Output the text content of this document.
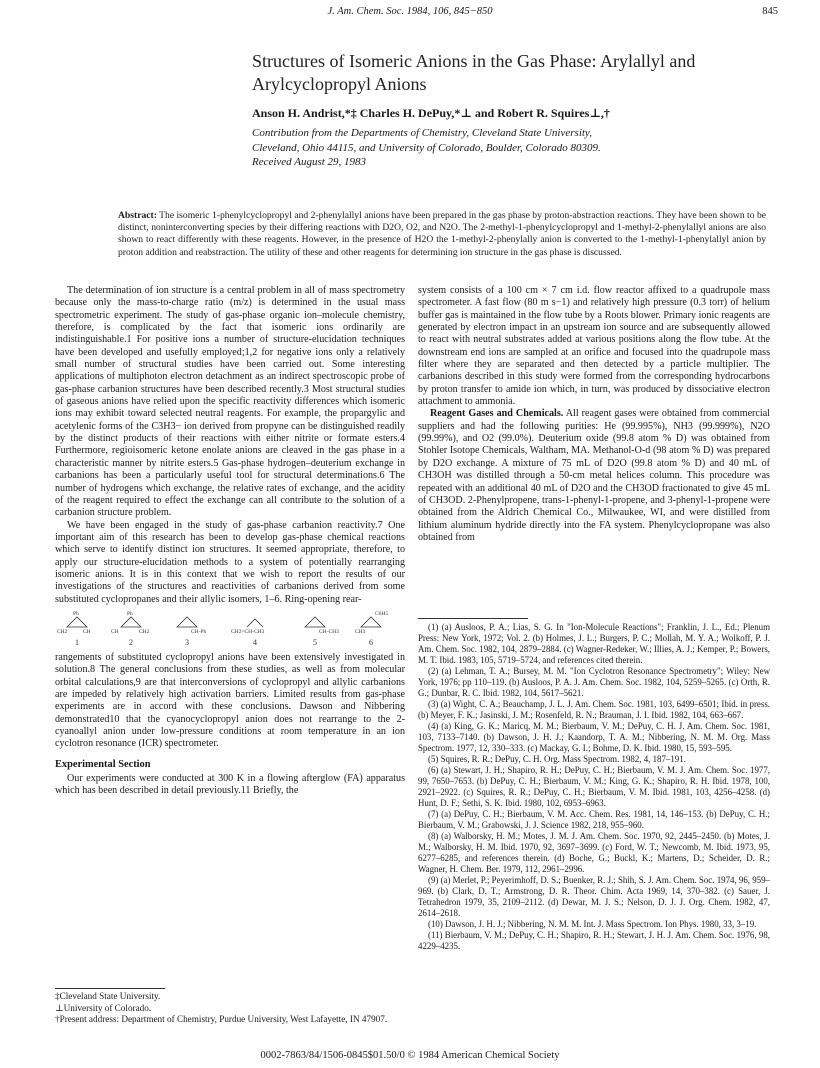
J. Am. Chem. Soc. 1984, 106, 845−850	845
Structures of Isomeric Anions in the Gas Phase: Arylallyl and Arylcyclopropyl Anions
Anson H. Andrist,*‡ Charles H. DePuy,*⊥ and Robert R. Squires⊥,†
Contribution from the Departments of Chemistry, Cleveland State University,
Cleveland, Ohio 44115, and University of Colorado, Boulder, Colorado 80309.
Received August 29, 1983
Abstract: The isomeric 1-phenylcyclopropyl and 2-phenylallyl anions have been prepared in the gas phase by proton-abstraction reactions. They have been shown to be distinct, noninterconverting species by their differing reactions with D2O, O2, and N2O. The 2-methyl-1-phenylcyclopropyl and 1-methyl-2-phenylallyl anions are also shown to react differently with these reagents. However, in the presence of H2O the 1-methyl-2-phenylally anion is converted to the 1-methyl-1-phenylallyl anion by proton addition and reabstraction. The utility of these and other reagents for determining ion structure in the gas phase is discussed.

The determination of ion structure is a central problem in all of mass spectrometry because only the mass-to-charge ratio (m/z) is determined in the usual mass spectrometric experiment. The study of gas-phase organic ion–molecule chemistry, therefore, is complicated by the fact that isomeric ions ordinarily are indistinguishable.1 For positive ions a number of structure-elucidation techniques have been developed and usefully employed;1,2 for negative ions only a relatively small number of structural studies have been carried out. Some interesting applications of multiphoton electron detachment as an indirect spectroscopic probe of gas-phase carbanion structures have been described recently.3 Most structural studies of gaseous anions have relied upon the specific reactivity differences which isomeric ions may exhibit toward selected neutral reagents. For example, the propargylic and acetylenic forms of the C3H3− ion derived from propyne can be distinguished readily by the distinct products of their reactions with either nitrite or formate esters.4 Furthermore, regioisomeric ketone enolate anions are cleaved in the gas phase in a characteristic manner by nitrite esters.5 Gas-phase hydrogen–deuterium exchange in carbanions has been a particularly useful tool for structural determinations.6 The number of hydrogens which exchange, the relative rates of exchange, and the acidity of the reagent required to effect the exchange can all contribute to the solution of a carbanion structure problem.

We have been engaged in the study of gas-phase carbanion reactivity.7 One important aim of this research has been to develop gas-phase chemical reactions which serve to identify distinct ion structures. It seemed appropriate, therefore, to apply our structure-elucidation methods to a system of potentially rearranging isomeric anions. It is in this context that we wish to report the results of our investigations of the structures and reactivities of carbanions derived from some substituted cyclopropanes and their allylic isomers, 1–6. Ring-opening rear-

Ph
CH2	CH
Ph
CH	CH2	CH-Ph	CH2=CH-CH3	CH-CH3	CH3
C6H5
1	2	3	4	5	6

rangements of substituted cyclopropyl anions have been extensively investigated in solution.8 The general conclusions from these studies, as well as from molecular orbital calculations,9 are that interconversions of cyclopropyl and allylic carbanions are impeded by relatively high activation barriers. Limited results from gas-phase experiments are in accord with these conclusions. Dawson and Nibbering demonstrated10 that the cyanocyclopropyl anion does not rearrange to the 2-cyanoallyl anion under low-pressure conditions at room temperature in an ion cyclotron resonance (ICR) spectrometer.

Experimental Section

Our experiments were conducted at 300 K in a flowing afterglow (FA) apparatus which has been described in detail previously.11 Briefly, the

‡Cleveland State University.
⊥University of Colorado.
†Present address: Department of Chemistry, Purdue University, West Lafayette, IN 47907.

system consists of a 100 cm × 7 cm i.d. flow reactor affixed to a quadrupole mass spectrometer. A fast flow (80 m s−1) and relatively high pressure (0.3 torr) of helium buffer gas is maintained in the flow tube by a Roots blower. Primary ionic reagents are generated by electron impact in an upstream ion source and are subsequently allowed to react with neutral substrates added at various positions along the flow tube. At the downstream end ions are sampled at an orifice and focused into the quadrupole mass filter where they are separated and then detected by a particle multiplier. The carbanions described in this study were formed from the corresponding hydrocarbons by proton transfer to amide ion which, in turn, was produced by dissociative electron attachment to ammonia.

Reagent Gases and Chemicals. All reagent gases were obtained from commercial suppliers and had the following purities: He (99.995%), NH3 (99.999%), N2O (99.99%), and O2 (99.0%). Deuterium oxide (99.8 atom % D) was obtained from Stohler Isotope Chemicals, Waltham, MA. Methanol-O-d (98 atom % D) was prepared by D2O exchange. A mixture of 75 mL of D2O (99.8 atom % D) and 40 mL of CH3OH was distilled through a 50-cm metal helices column. This procedure was repeated with an additional 40 mL of D2O and the CH3OD fractionated to give 45 mL of CH3OD. 2-Phenylpropene, trans-1-phenyl-1-propene, and 3-phenyl-1-propene were obtained from the Aldrich Chemical Co., Milwaukee, WI, and were distilled from lithium aluminum hydride directly into the FA system. Phenylcyclopropane was also obtained from

(1) (a) Ausloos, P. A.; Lias, S. G. In "Ion-Molecule Reactions"; Franklin, J. L., Ed.; Plenum Press: New York, 1972; Vol. 2. (b) Holmes, J. L.; Burgers, P. C.; Mollah, M. Y. A.; Wolkoff, P. J. Am. Chem. Soc. 1982, 104, 2879–2884. (c) Wagner-Redeker, W.; Illies, A. J.; Kemper, P.; Bowers, M. T. Ibid. 1983, 105, 5719–5724, and references cited therein.

(2) (a) Lehman, T. A.; Bursey, M. M. "Ion Cyclotron Resonance Spectrometry"; Wiley: New York, 1976; pp 110–119. (b) Ausloos, P. A. J. Am. Chem. Soc. 1982, 104, 5259–5265. (c) Orth, R. G.; Dunbar, R. C. Ibid. 1982, 104, 5617–5621.

(3) (a) Wight, C. A.; Beauchamp, J. L. J. Am. Chem. Soc. 1981, 103, 6499–6501; Ibid. in press. (b) Meyer, F. K.; Jasinski, J. M.; Rosenfeld, R. N.; Brauman, J. I. Ibid. 1982, 104, 663–667.

(4) (a) King, G. K.; Maricq, M. M.; Bierbaum, V. M.; DePuy, C. H. J. Am. Chem. Soc. 1981, 103, 7133–7140. (b) Dawson, J. H. J.; Kaandorp, T. A. M.; Nibbering, N. M. M. Org. Mass Spectrom. 1977, 12, 330–333. (c) Mackay, G. I.; Bohme, D. K. Ibid. 1980, 15, 593–595.

(5) Squires, R. R.; DePuy, C. H. Org. Mass Spectrom. 1982, 4, 187–191.

(6) (a) Stewart, J. H.; Shapiro, R. H.; DePuy, C. H.; Bierbaum, V. M. J. Am. Chem. Soc. 1977, 99, 7650–7653. (b) DePuy, C. H.; Bierbaum, V. M.; King, G. K.; Shapiro, R. H. Ibid. 1978, 100, 2921–2922. (c) Squires, R. R.; DePuy, C. H.; Bierbaum, V. M. Ibid. 1981, 103, 4256–4258. (d) Hunt, D. F.; Sethi, S. K. Ibid. 1980, 102, 6953–6963.

(7) (a) DePuy, C. H.; Bierbaum, V. M. Acc. Chem. Res. 1981, 14, 146–153. (b) DePuy, C. H.; Bierbaum, V. M.; Grabowski, J. J. Science 1982, 218, 955–960.

(8) (a) Walborsky, H. M.; Motes, J. M. J. Am. Chem. Soc. 1970, 92, 2445–2450. (b) Motes, J. M.; Walborsky, H. M. Ibid. 1970, 92, 3697–3699. (c) Ford, W. T.; Newcomb, M. Ibid. 1973, 95, 6277–6285, and references therein. (d) Boche, G.; Buckl, K.; Martens, D.; Scheider, D. R.; Wagner, H. Chem. Ber. 1979, 112, 2961–2996.

(9) (a) Merlet, P.; Peyerimhoff, D. S.; Buenker, R. J.; Shih, S. J. Am. Chem. Soc. 1974, 96, 959–969. (b) Clark, D. T.; Armstrong, D. R. Theor. Chim. Acta 1969, 14, 370–382. (c) Sauer, J. Tetrahedron 1979, 35, 2109–2112. (d) Dewar, M. J. S.; Nelson, D. J. J. Org. Chem. 1982, 47, 2614–2618.

(10) Dawson, J. H. J.; Nibbering, N. M. M. Int. J. Mass Spectrom. Ion Phys. 1980, 33, 3–19.

(11) Bierbaum, V. M.; DePuy, C. H.; Shapiro, R. H.; Stewart, J. H. J. Am. Chem. Soc. 1976, 98, 4229–4235.

0002-7863/84/1506-0845$01.50/0 © 1984 American Chemical Society
